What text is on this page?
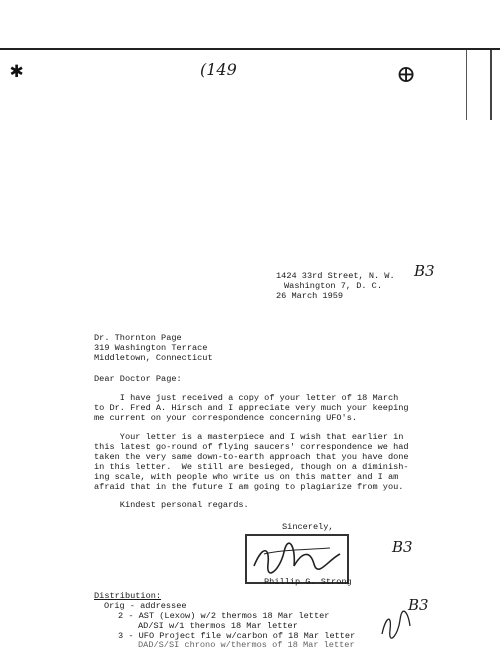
✱	(149	⊕
1424 33rd Street, N. W.
Washington 7, D. C.
26 March 1959
B3
Dr. Thornton Page
319 Washington Terrace
Middletown, Connecticut
Dear Doctor Page:
I have just received a copy of your letter of 18 March
to Dr. Fred A. Hirsch and I appreciate very much your keeping
me current on your correspondence concerning UFO's.
Your letter is a masterpiece and I wish that earlier in
this latest go-round of flying saucers' correspondence we had
taken the very same down-to-earth approach that you have done
in this letter.  We still are besieged, though on a diminish-
ing scale, with people who write us on this matter and I am
afraid that in the future I am going to plagiarize from you.
Kindest personal regards.
Sincerely,
B3
Phillip G. Strong
Distribution:
Orig - addressee
2 - AST (Lexow) w/2 thermos 18 Mar letter
AD/SI w/1 thermos 18 Mar letter
3 - UFO Project file w/carbon of 18 Mar letter
DAD/S/SI chrono w/thermos of 18 Mar letter
B3
